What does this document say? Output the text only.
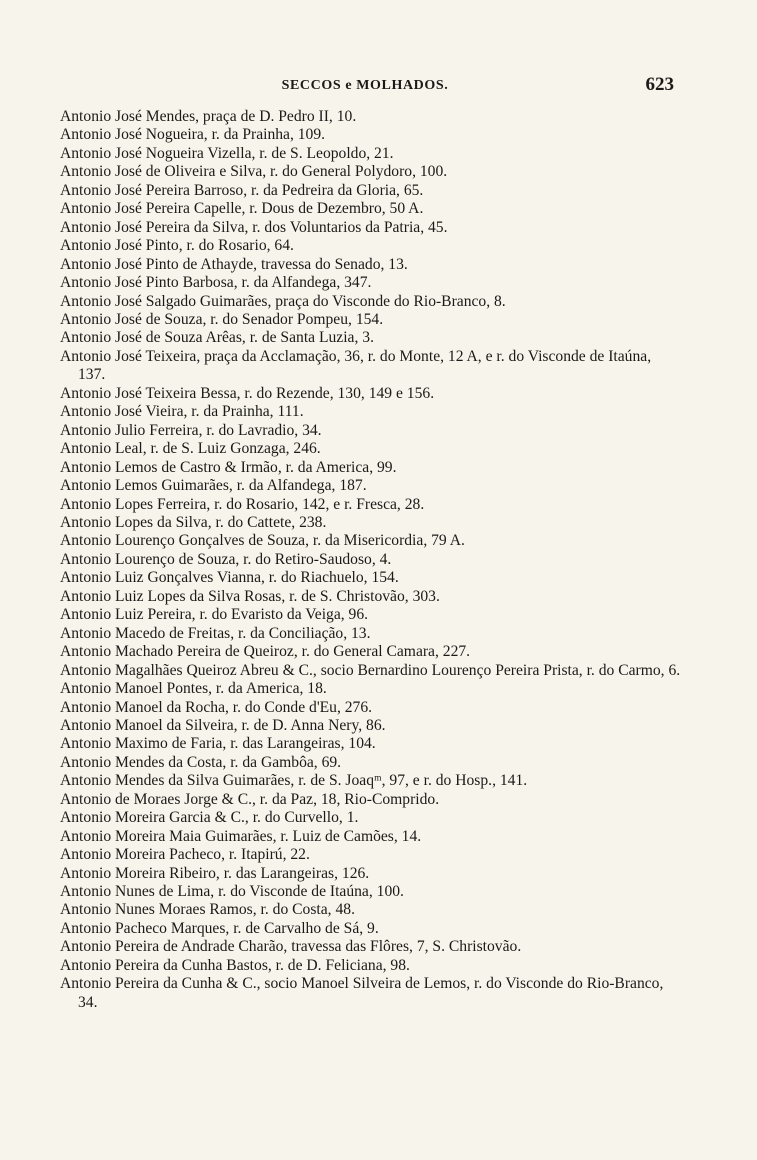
SECCOS e MOLHADOS.	623
Antonio José Mendes, praça de D. Pedro II, 10.
Antonio José Nogueira, r. da Prainha, 109.
Antonio José Nogueira Vizella, r. de S. Leopoldo, 21.
Antonio José de Oliveira e Silva, r. do General Polydoro, 100.
Antonio José Pereira Barroso, r. da Pedreira da Gloria, 65.
Antonio José Pereira Capelle, r. Dous de Dezembro, 50 A.
Antonio José Pereira da Silva, r. dos Voluntarios da Patria, 45.
Antonio José Pinto, r. do Rosario, 64.
Antonio José Pinto de Athayde, travessa do Senado, 13.
Antonio José Pinto Barbosa, r. da Alfandega, 347.
Antonio José Salgado Guimarães, praça do Visconde do Rio-Branco, 8.
Antonio José de Souza, r. do Senador Pompeu, 154.
Antonio José de Souza Arêas, r. de Santa Luzia, 3.
Antonio José Teixeira, praça da Acclamação, 36, r. do Monte, 12 A, e r. do Visconde de Itaúna, 137.
Antonio José Teixeira Bessa, r. do Rezende, 130, 149 e 156.
Antonio José Vieira, r. da Prainha, 111.
Antonio Julio Ferreira, r. do Lavradio, 34.
Antonio Leal, r. de S. Luiz Gonzaga, 246.
Antonio Lemos de Castro & Irmão, r. da America, 99.
Antonio Lemos Guimarães, r. da Alfandega, 187.
Antonio Lopes Ferreira, r. do Rosario, 142, e r. Fresca, 28.
Antonio Lopes da Silva, r. do Cattete, 238.
Antonio Lourenço Gonçalves de Souza, r. da Misericordia, 79 A.
Antonio Lourenço de Souza, r. do Retiro-Saudoso, 4.
Antonio Luiz Gonçalves Vianna, r. do Riachuelo, 154.
Antonio Luiz Lopes da Silva Rosas, r. de S. Christovão, 303.
Antonio Luiz Pereira, r. do Evaristo da Veiga, 96.
Antonio Macedo de Freitas, r. da Conciliação, 13.
Antonio Machado Pereira de Queiroz, r. do General Camara, 227.
Antonio Magalhães Queiroz Abreu & C., socio Bernardino Lourenço Pereira Prista, r. do Carmo, 6.
Antonio Manoel Pontes, r. da America, 18.
Antonio Manoel da Rocha, r. do Conde d'Eu, 276.
Antonio Manoel da Silveira, r. de D. Anna Nery, 86.
Antonio Maximo de Faria, r. das Larangeiras, 104.
Antonio Mendes da Costa, r. da Gambôa, 69.
Antonio Mendes da Silva Guimarães, r. de S. Joaqᵐ, 97, e r. do Hosp., 141.
Antonio de Moraes Jorge & C., r. da Paz, 18, Rio-Comprido.
Antonio Moreira Garcia & C., r. do Curvello, 1.
Antonio Moreira Maia Guimarães, r. Luiz de Camões, 14.
Antonio Moreira Pacheco, r. Itapirú, 22.
Antonio Moreira Ribeiro, r. das Larangeiras, 126.
Antonio Nunes de Lima, r. do Visconde de Itaúna, 100.
Antonio Nunes Moraes Ramos, r. do Costa, 48.
Antonio Pacheco Marques, r. de Carvalho de Sá, 9.
Antonio Pereira de Andrade Charão, travessa das Flôres, 7, S. Christovão.
Antonio Pereira da Cunha Bastos, r. de D. Feliciana, 98.
Antonio Pereira da Cunha & C., socio Manoel Silveira de Lemos, r. do Visconde do Rio-Branco, 34.
